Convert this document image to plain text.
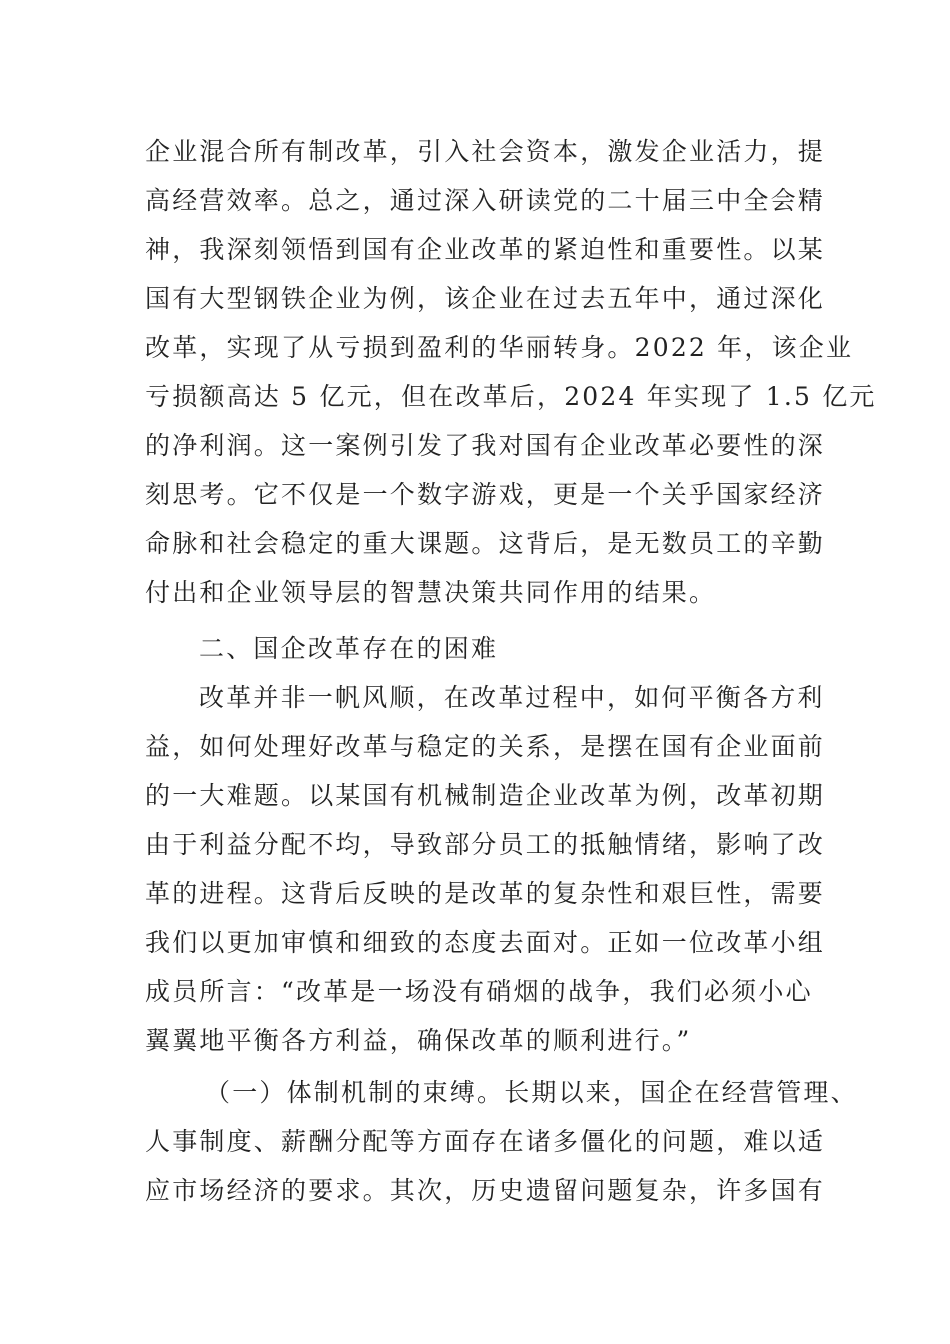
企业混合所有制改革，引入社会资本，激发企业活力，提
高经营效率。总之，通过深入研读党的二十届三中全会精
神，我深刻领悟到国有企业改革的紧迫性和重要性。以某
国有大型钢铁企业为例，该企业在过去五年中，通过深化
改革，实现了从亏损到盈利的华丽转身。2022 年，该企业
亏损额高达 5 亿元，但在改革后，2024 年实现了 1.5 亿元
的净利润。这一案例引发了我对国有企业改革必要性的深
刻思考。它不仅是一个数字游戏，更是一个关乎国家经济
命脉和社会稳定的重大课题。这背后，是无数员工的辛勤
付出和企业领导层的智慧决策共同作用的结果。
二、国企改革存在的困难
改革并非一帆风顺，在改革过程中，如何平衡各方利
益，如何处理好改革与稳定的关系，是摆在国有企业面前
的一大难题。以某国有机械制造企业改革为例，改革初期
由于利益分配不均，导致部分员工的抵触情绪，影响了改
革的进程。这背后反映的是改革的复杂性和艰巨性，需要
我们以更加审慎和细致的态度去面对。正如一位改革小组
成员所言：“改革是一场没有硝烟的战争，我们必须小心
翼翼地平衡各方利益，确保改革的顺利进行。”
（一）体制机制的束缚。长期以来，国企在经营管理、
人事制度、薪酬分配等方面存在诸多僵化的问题，难以适
应市场经济的要求。其次，历史遗留问题复杂，许多国有
